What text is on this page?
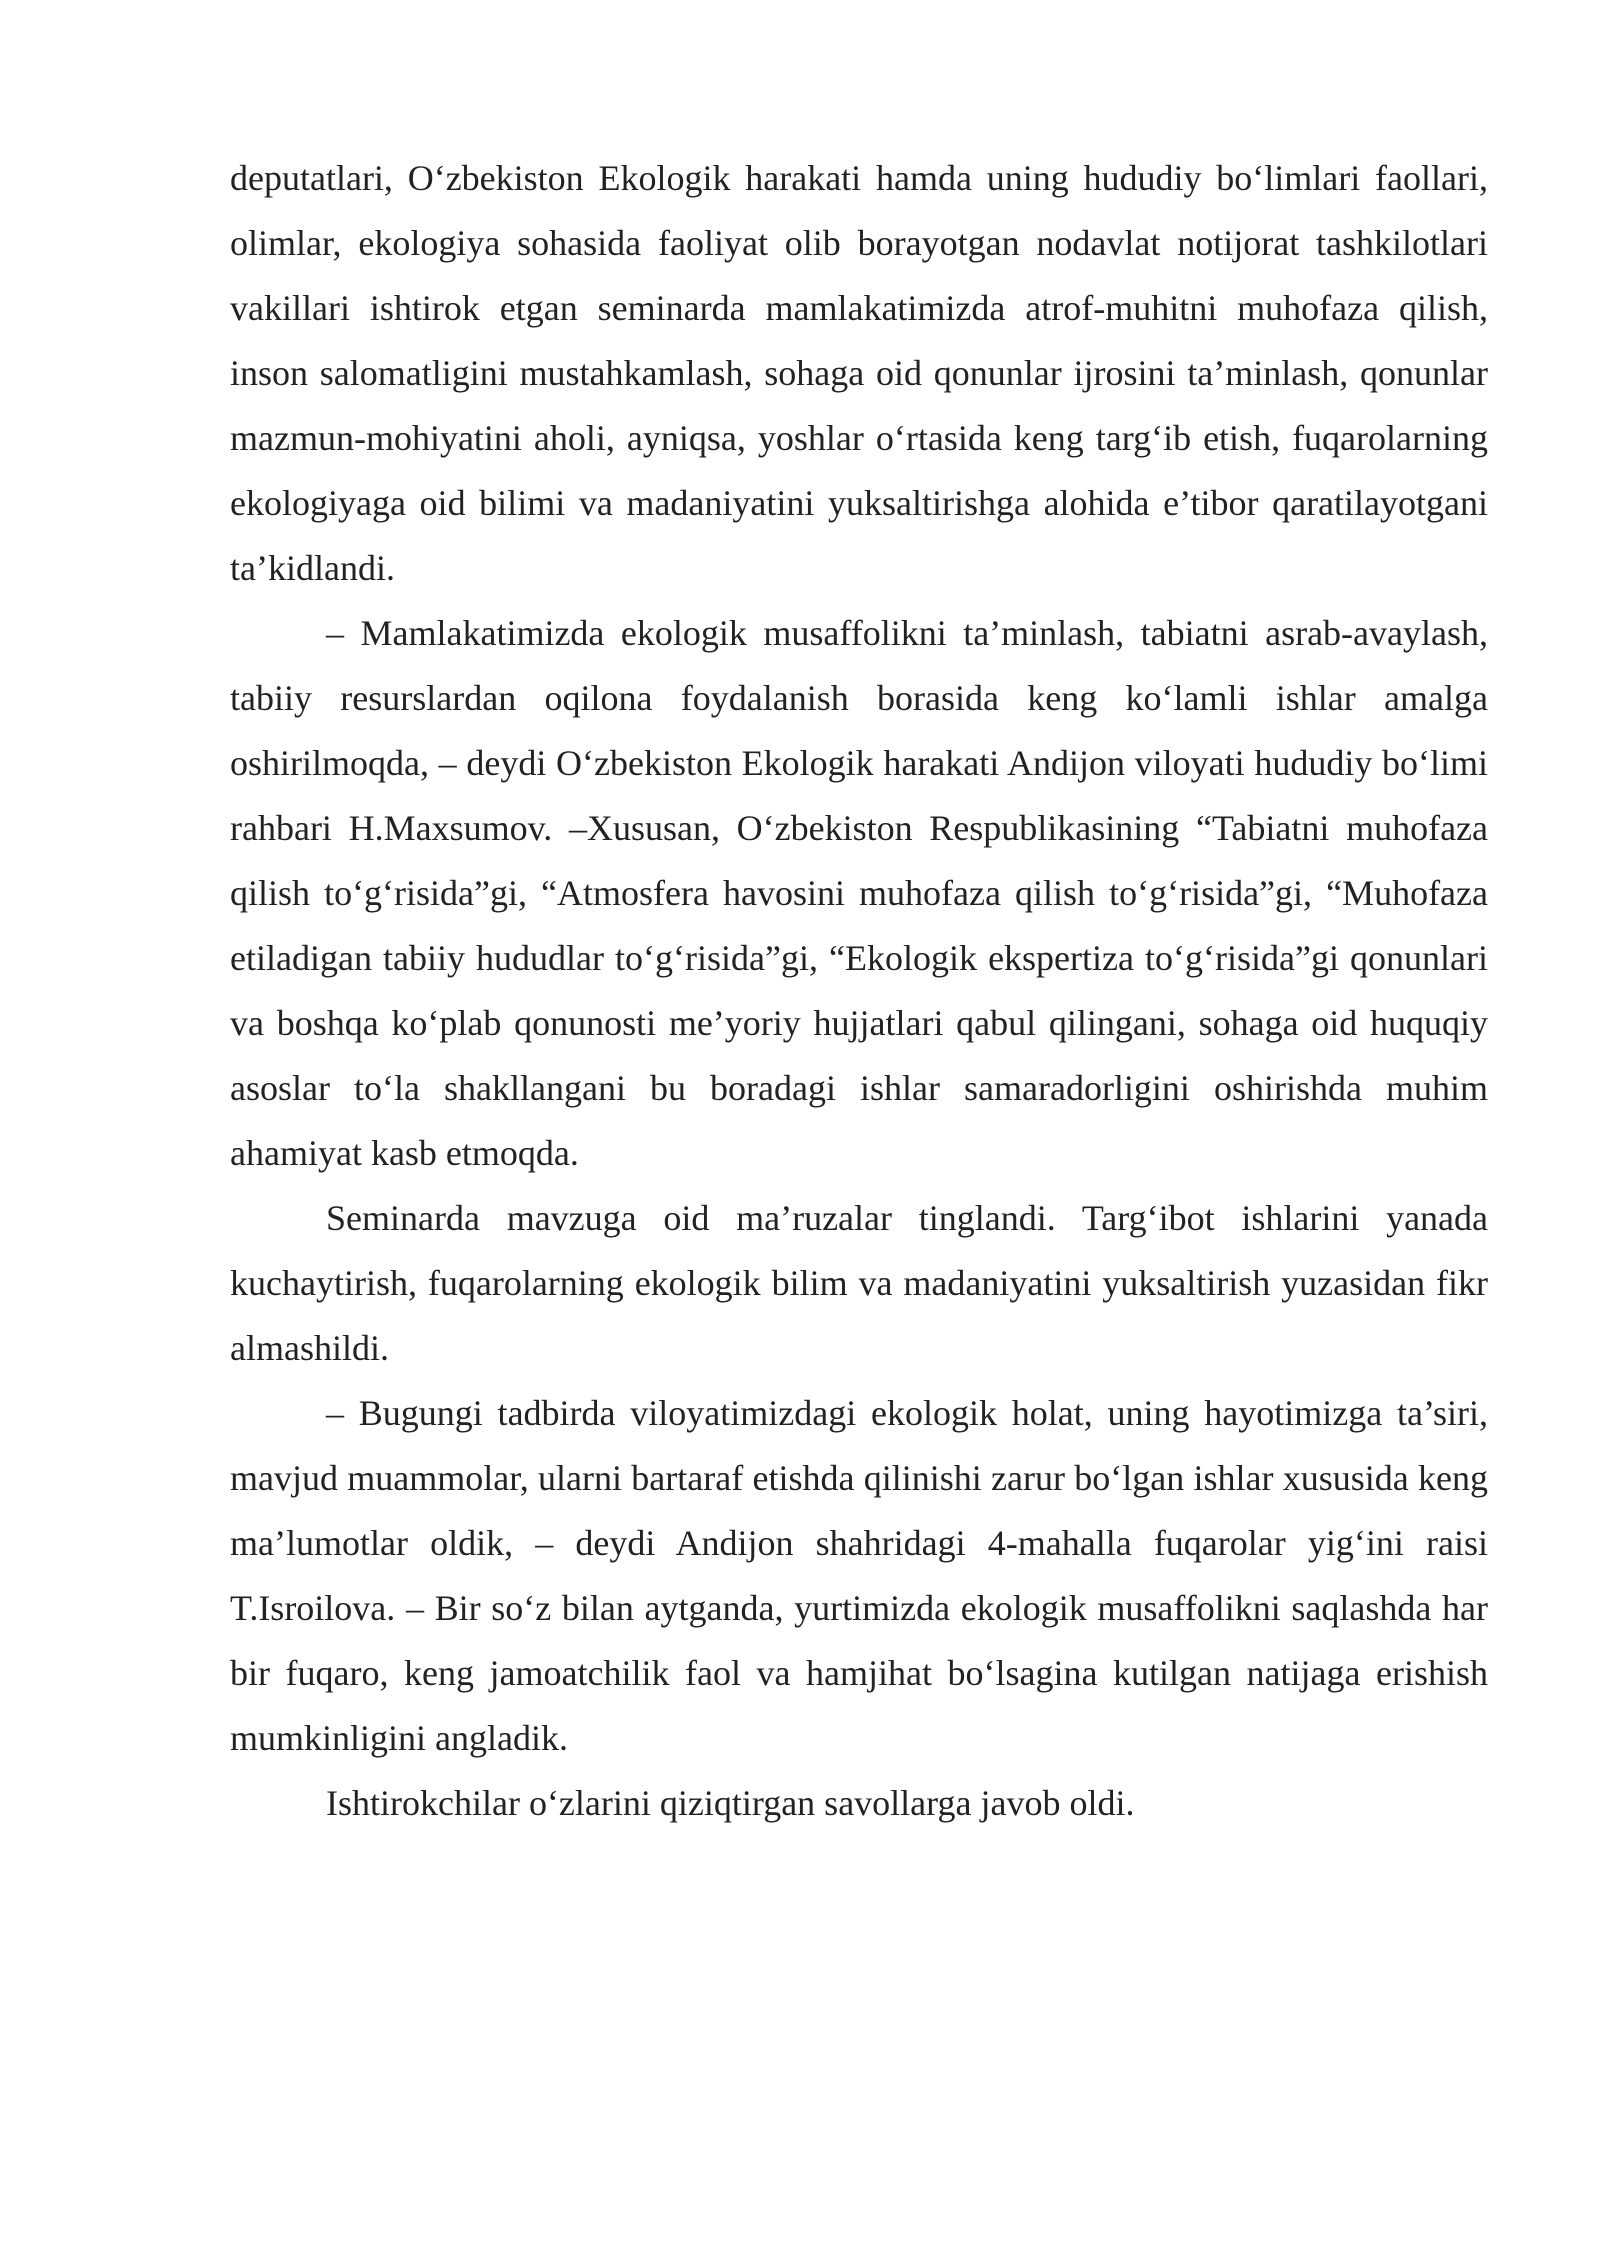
deputatlari, O‘zbekiston Ekologik harakati hamda uning hududiy bo‘limlari faollari, olimlar, ekologiya sohasida faoliyat olib borayotgan nodavlat notijorat tashkilotlari vakillari ishtirok etgan seminarda mamlakatimizda atrof-muhitni muhofaza qilish, inson salomatligini mustahkamlash, sohaga oid qonunlar ijrosini ta’minlash, qonunlar mazmun-mohiyatini aholi, ayniqsa, yoshlar o‘rtasida keng targ‘ib etish, fuqarolarning ekologiyaga oid bilimi va madaniyatini yuksaltirishga alohida e’tibor qaratilayotgani ta’kidlandi.

– Mamlakatimizda ekologik musaffolikni ta’minlash, tabiatni asrab-avaylash, tabiiy resurslardan oqilona foydalanish borasida keng ko‘lamli ishlar amalga oshirilmoqda, – deydi O‘zbekiston Ekologik harakati Andijon viloyati hududiy bo‘limi rahbari H.Maxsumov. –Xususan, O‘zbekiston Respublikasining “Tabiatni muhofaza qilish to‘g‘risida”gi, “Atmosfera havosini muhofaza qilish to‘g‘risida”gi, “Muhofaza etiladigan tabiiy hududlar to‘g‘risida”gi, “Ekologik ekspertiza to‘g‘risida”gi qonunlari va boshqa ko‘plab qonunosti me’yoriy hujjatlari qabul qilingani, sohaga oid huquqiy asoslar to‘la shakllangani bu boradagi ishlar samaradorligini oshirishda muhim ahamiyat kasb etmoqda.

Seminarda mavzuga oid ma’ruzalar tinglandi. Targ‘ibot ishlarini yanada kuchaytirish, fuqarolarning ekologik bilim va madaniyatini yuksaltirish yuzasidan fikr almashildi.

– Bugungi tadbirda viloyatimizdagi ekologik holat, uning hayotimizga ta’siri, mavjud muammolar, ularni bartaraf etishda qilinishi zarur bo‘lgan ishlar xususida keng ma’lumotlar oldik, – deydi Andijon shahridagi 4-mahalla fuqarolar yig‘ini raisi T.Isroilova. – Bir so‘z bilan aytganda, yurtimizda ekologik musaffolikni saqlashda har bir fuqaro, keng jamoatchilik faol va hamjihat bo‘lsagina kutilgan natijaga erishish mumkinligini angladik.

Ishtirokchilar o‘zlarini qiziqtirgan savollarga javob oldi.
